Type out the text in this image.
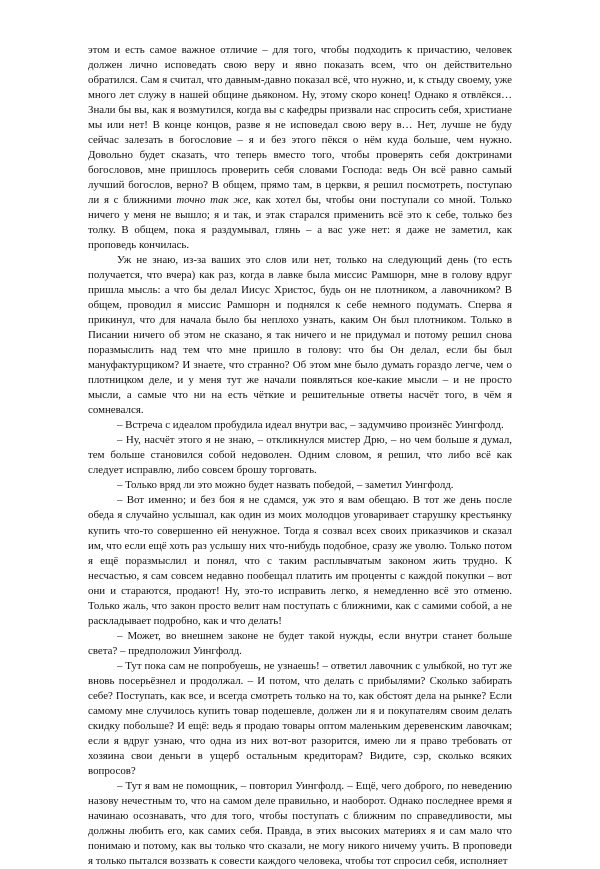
этом и есть самое важное отличие – для того, чтобы подходить к причастию, человек должен лично исповедать свою веру и явно показать всем, что он действительно обратился. Сам я считал, что давным-давно показал всё, что нужно, и, к стыду своему, уже много лет служу в нашей общине дьяконом. Ну, этому скоро конец! Однако я отвлёкся… Знали бы вы, как я возмутился, когда вы с кафедры призвали нас спросить себя, христиане мы или нет! В конце концов, разве я не исповедал свою веру в… Нет, лучше не буду сейчас залезать в богословие – я и без этого пёкся о нём куда больше, чем нужно. Довольно будет сказать, что теперь вместо того, чтобы проверять себя доктринами богословов, мне пришлось проверить себя словами Господа: ведь Он всё равно самый лучший богослов, верно? В общем, прямо там, в церкви, я решил посмотреть, поступаю ли я с ближними точно так же, как хотел бы, чтобы они поступали со мной. Только ничего у меня не вышло; я и так, и этак старался применить всё это к себе, только без толку. В общем, пока я раздумывал, глянь – а вас уже нет: я даже не заметил, как проповедь кончилась.

Уж не знаю, из-за ваших это слов или нет, только на следующий день (то есть получается, что вчера) как раз, когда в лавке была миссис Рамшорн, мне в голову вдруг пришла мысль: а что бы делал Иисус Христос, будь он не плотником, а лавочником? В общем, проводил я миссис Рамшорн и поднялся к себе немного подумать. Сперва я прикинул, что для начала было бы неплохо узнать, каким Он был плотником. Только в Писании ничего об этом не сказано, я так ничего и не придумал и потому решил снова поразмыслить над тем что мне пришло в голову: что бы Он делал, если бы был мануфактурщиком? И знаете, что странно? Об этом мне было думать гораздо легче, чем о плотницком деле, и у меня тут же начали появляться кое-какие мысли – и не просто мысли, а самые что ни на есть чёткие и решительные ответы насчёт того, в чём я сомневался.

– Встреча с идеалом пробудила идеал внутри вас, – задумчиво произнёс Уингфолд.

– Ну, насчёт этого я не знаю, – откликнулся мистер Дрю, – но чем больше я думал, тем больше становился собой недоволен. Одним словом, я решил, что либо всё как следует исправлю, либо совсем брошу торговать.

– Только вряд ли это можно будет назвать победой, – заметил Уингфолд.

– Вот именно; и без боя я не сдамся, уж это я вам обещаю. В тот же день после обеда я случайно услышал, как один из моих молодцов уговаривает старушку крестьянку купить что-то совершенно ей ненужное. Тогда я созвал всех своих приказчиков и сказал им, что если ещё хоть раз услышу них что-нибудь подобное, сразу же уволю. Только потом я ещё поразмыслил и понял, что с таким расплывчатым законом жить трудно. К несчастью, я сам совсем недавно пообещал платить им проценты с каждой покупки – вот они и стараются, продают! Ну, это-то исправить легко, я немедленно всё это отменю. Только жаль, что закон просто велит нам поступать с ближними, как с самими собой, а не раскладывает подробно, как и что делать!

– Может, во внешнем законе не будет такой нужды, если внутри станет больше света? – предположил Уингфолд.

– Тут пока сам не попробуешь, не узнаешь! – ответил лавочник с улыбкой, но тут же вновь посерьёзнел и продолжал. – И потом, что делать с прибылями? Сколько забирать себе? Поступать, как все, и всегда смотреть только на то, как обстоят дела на рынке? Если самому мне случилось купить товар подешевле, должен ли я и покупателям своим делать скидку побольше? И ещё: ведь я продаю товары оптом маленьким деревенским лавочкам; если я вдруг узнаю, что одна из них вот-вот разорится, имею ли я право требовать от хозяина свои деньги в ущерб остальным кредиторам? Видите, сэр, сколько всяких вопросов?

– Тут я вам не помощник, – повторил Уингфолд. – Ещё, чего доброго, по неведению назову нечестным то, что на самом деле правильно, и наоборот. Однако последнее время я начинаю осознавать, что для того, чтобы поступать с ближним по справедливости, мы должны любить его, как самих себя. Правда, в этих высоких материях я и сам мало что понимаю и потому, как вы только что сказали, не могу никого ничему учить. В проповеди я только пытался воззвать к совести каждого человека, чтобы тот спросил себя, исполняет
